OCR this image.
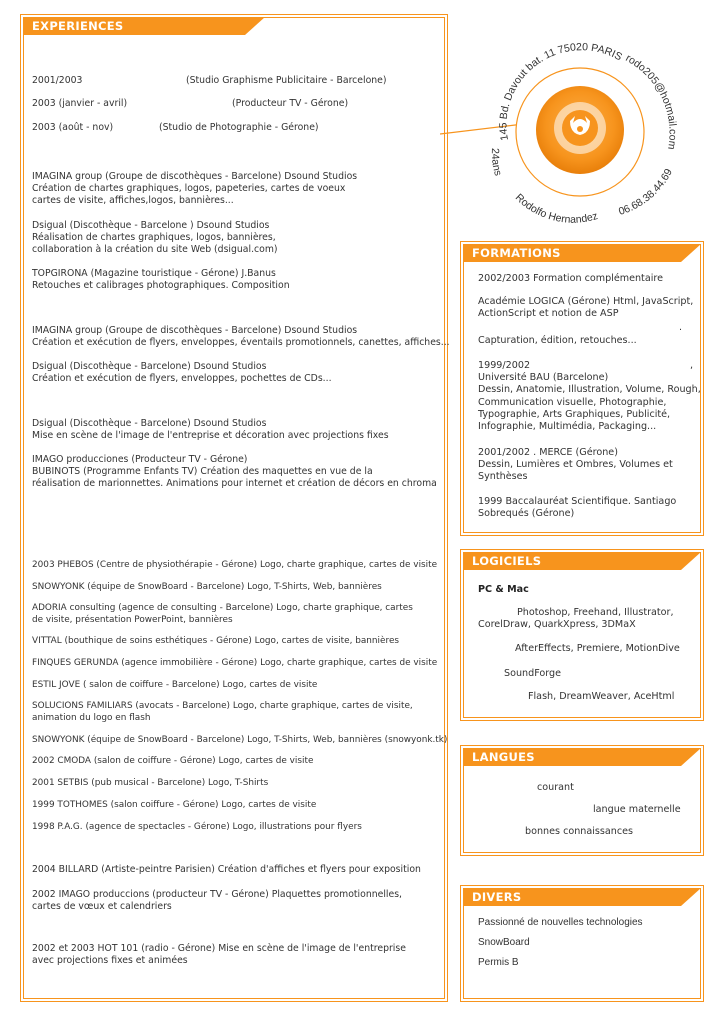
EXPERIENCES PROFESSIONELLES
2001/2003	(Studio Graphisme Publicitaire - Barcelone)
2003 (janvier - avril)	(Producteur TV - Gérone)
2003 (août - nov)	(Studio de Photographie - Gérone)
IMAGINA group (Groupe de discothèques - Barcelone) Dsound Studios
Création de chartes graphiques, logos, papeteries, cartes de voeux
cartes de visite, affiches,logos, bannières...
Dsigual (Discothèque - Barcelone ) Dsound Studios
Réalisation de chartes graphiques, logos, bannières,
collaboration à la création du site Web (dsigual.com)
TOPGIRONA (Magazine touristique - Gérone) J.Banus
Retouches et calibrages photographiques. Composition
IMAGINA group (Groupe de discothèques - Barcelone) Dsound Studios
Création et exécution de flyers, enveloppes, éventails promotionnels, canettes, affiches...
Dsigual (Discothèque - Barcelone) Dsound Studios
Création et exécution de flyers, enveloppes, pochettes de CDs...
Dsigual (Discothèque - Barcelone) Dsound Studios
Mise en scène de l'image de l'entreprise et décoration avec projections fixes
IMAGO producciones (Producteur TV - Gérone)
BUBINOTS (Programme Enfants TV) Création des maquettes en vue de la
réalisation de marionnettes. Animations pour internet et création de décors en chroma
2003 PHEBOS (Centre de physiothérapie - Gérone) Logo, charte graphique, cartes de visite
SNOWYONK (équipe de SnowBoard - Barcelone) Logo, T-Shirts, Web, bannières
ADORIA consulting (agence de consulting - Barcelone) Logo, charte graphique, cartes
de visite, présentation PowerPoint, bannières
VITTAL (bouthique de soins esthétiques - Gérone) Logo, cartes de visite, bannières
FINQUES GERUNDA (agence immobilière - Gérone) Logo, charte graphique, cartes de visite
ESTIL JOVE ( salon de coiffure - Barcelone) Logo, cartes de visite
SOLUCIONS FAMILIARS (avocats - Barcelone) Logo, charte graphique, cartes de visite,
animation du logo en flash
SNOWYONK (équipe de SnowBoard - Barcelone) Logo, T-Shirts, Web, bannières (snowyonk.tk)
2002 CMODA (salon de coiffure - Gérone) Logo, cartes de visite
2001 SETBIS (pub musical - Barcelone) Logo, T-Shirts
1999 TOTHOMES (salon coiffure - Gérone) Logo, cartes de visite
1998 P.A.G. (agence de spectacles - Gérone) Logo, illustrations pour flyers
2004 BILLARD (Artiste-peintre Parisien) Création d'affiches et flyers pour exposition
2002 IMAGO produccions (producteur TV - Gérone) Plaquettes promotionnelles,
cartes de vœux et calendriers
2002 et 2003 HOT 101 (radio - Gérone) Mise en scène de l'image de l'entreprise
avec projections fixes et animées
145 Bd. Davout bat. 11 75020 PARIS rodo205@hotmail.com
24ans
Rodolfo Hernandez 06.68.38.44.69
FORMATIONS
2002/2003 Formation complémentaire
Académie LOGICA (Gérone) Html, JavaScript,
ActionScript et notion de ASP
.
Capturation, édition, retouches...
1999/2002
Université BAU (Barcelone)
Dessin, Anatomie, Illustration, Volume, Rough,
Communication visuelle, Photographie,
Typographie, Arts Graphiques, Publicité,
Infographie, Multimédia, Packaging...
,
2001/2002 . MERCE (Gérone)
Dessin, Lumières et Ombres, Volumes et
Synthèses
1999 Baccalauréat Scientifique. Santiago
Sobrequés (Gérone)
LOGICIELS
PC & Mac
Photoshop, Freehand, Illustrator,
CorelDraw, QuarkXpress, 3DMaX
AfterEffects, Premiere, MotionDive
SoundForge
Flash, DreamWeaver, AceHtml
LANGUES
courant
langue maternelle
bonnes connaissances
DIVERS
Passionné de nouvelles technologies
SnowBoard
Permis B
